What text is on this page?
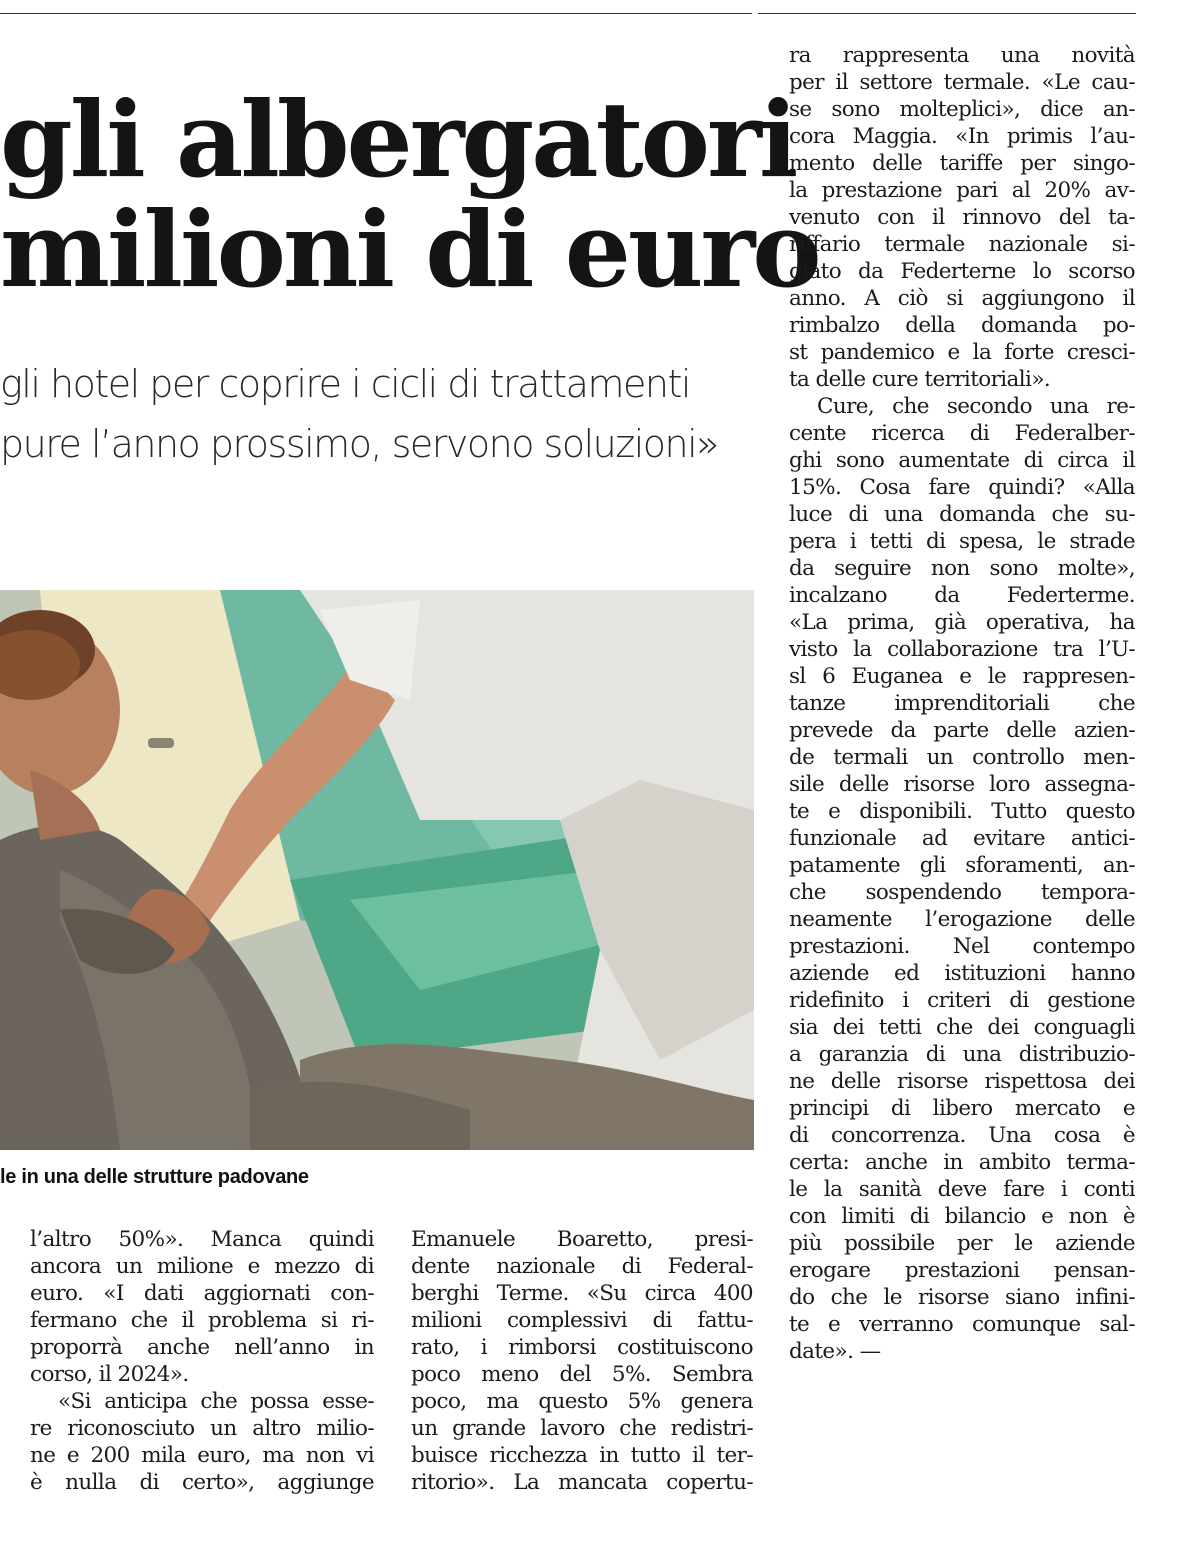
gli albergatori
milioni di euro
gli hotel per coprire i cicli di trattamenti
pure l’anno prossimo, servono soluzioni»
le in una delle strutture padovane
ra rappresenta una novità
per il settore termale. «Le cau-
se sono molteplici», dice an-
cora Maggia. «In primis l’au-
mento delle tariffe per singo-
la prestazione pari al 20% av-
venuto con il rinnovo del ta-
riffario termale nazionale si-
glato da Federterne lo scorso
anno. A ciò si aggiungono il
rimbalzo della domanda po-
st pandemico e la forte cresci-
ta delle cure territoriali».
Cure, che secondo una re-
cente ricerca di Federalber-
ghi sono aumentate di circa il
15%. Cosa fare quindi? «Alla
luce di una domanda che su-
pera i tetti di spesa, le strade
da seguire non sono molte»,
incalzano da Federterme.
«La prima, già operativa, ha
visto la collaborazione tra l’U-
sl 6 Euganea e le rappresen-
tanze imprenditoriali che
prevede da parte delle azien-
de termali un controllo men-
sile delle risorse loro assegna-
te e disponibili. Tutto questo
funzionale ad evitare antici-
patamente gli sforamenti, an-
che sospendendo tempora-
neamente l’erogazione delle
prestazioni. Nel contempo
aziende ed istituzioni hanno
ridefinito i criteri di gestione
sia dei tetti che dei conguagli
a garanzia di una distribuzio-
ne delle risorse rispettosa dei
principi di libero mercato e
di concorrenza. Una cosa è
certa: anche in ambito terma-
le la sanità deve fare i conti
con limiti di bilancio e non è
più possibile per le aziende
erogare prestazioni pensan-
do che le risorse siano infini-
te e verranno comunque sal-
date». —
l’altro 50%». Manca quindi
ancora un milione e mezzo di
euro. «I dati aggiornati con-
fermano che il problema si ri-
proporrà anche nell’anno in
corso, il 2024».
«Si anticipa che possa esse-
re riconosciuto un altro milio-
ne e 200 mila euro, ma non vi
è nulla di certo», aggiunge
Emanuele Boaretto, presi-
dente nazionale di Federal-
berghi Terme. «Su circa 400
milioni complessivi di fattu-
rato, i rimborsi costituiscono
poco meno del 5%. Sembra
poco, ma questo 5% genera
un grande lavoro che redistri-
buisce ricchezza in tutto il ter-
ritorio». La mancata copertu-
